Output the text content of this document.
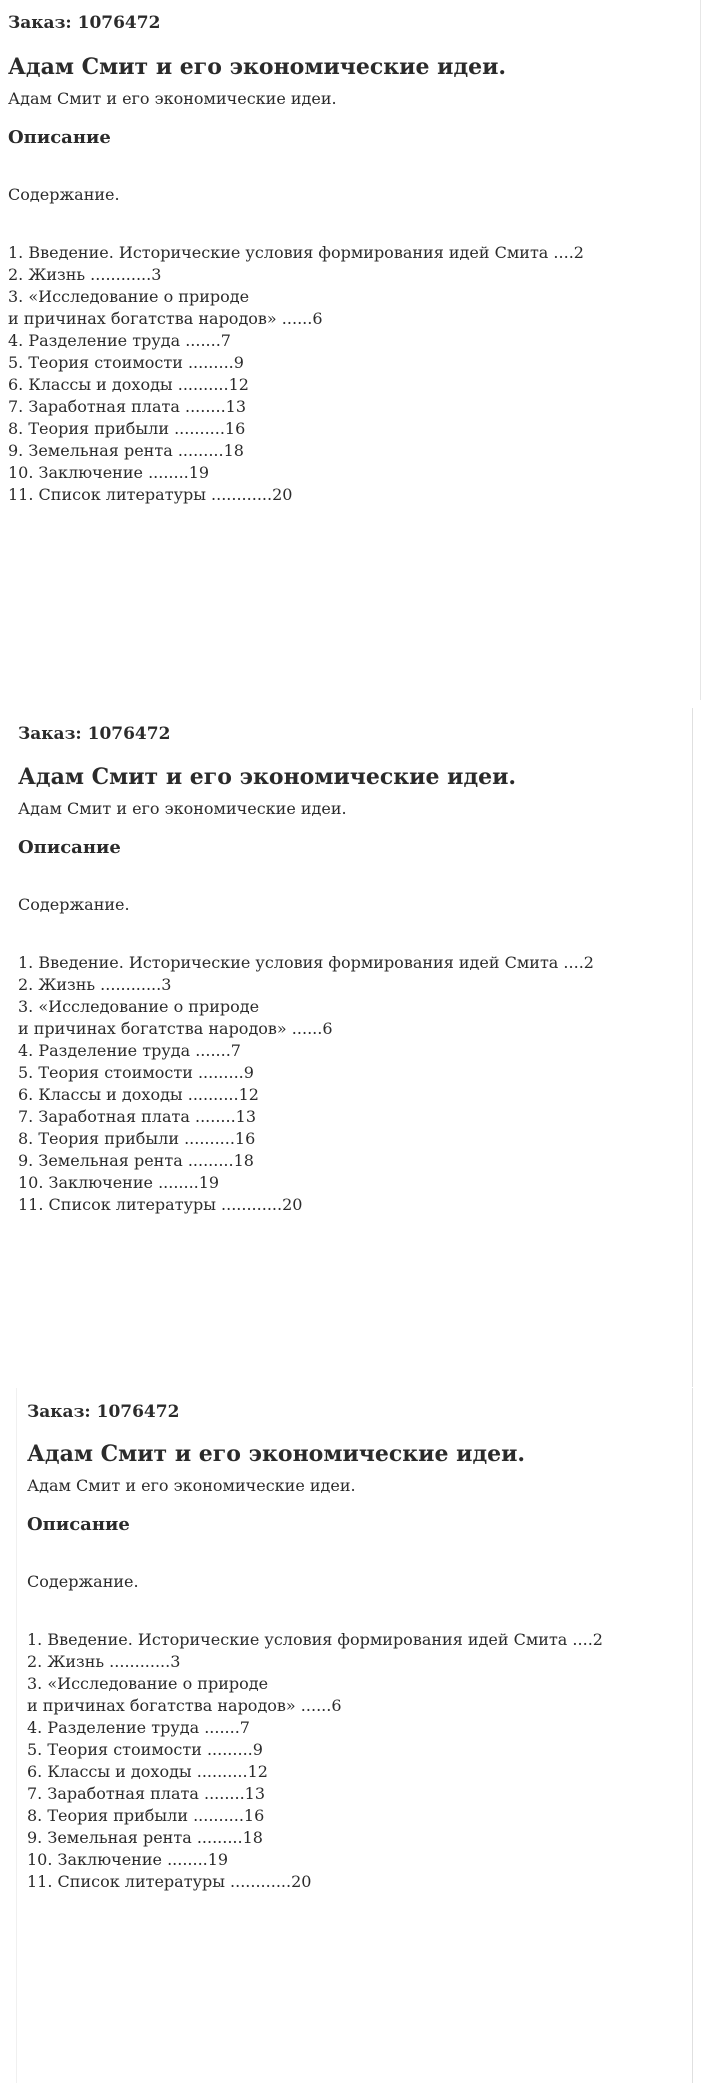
Заказ: 1076472

Адам Смит и его экономические идеи.

Адам Смит и его экономические идеи.

Описание

Содержание.

1. Введение. Исторические условия формирования идей Смита ....2
2. Жизнь ............3
3. «Исследование о природе
и причинах богатства народов» ......6
4. Разделение труда .......7
5. Теория стоимости .........9
6. Классы и доходы ..........12
7. Заработная плата ........13
8. Теория прибыли ..........16
9. Земельная рента .........18
10. Заключение ........19
11. Список литературы ............20

Заказ: 1076472

Адам Смит и его экономические идеи.

Адам Смит и его экономические идеи.

Описание

Содержание.

1. Введение. Исторические условия формирования идей Смита ....2
2. Жизнь ............3
3. «Исследование о природе
и причинах богатства народов» ......6
4. Разделение труда .......7
5. Теория стоимости .........9
6. Классы и доходы ..........12
7. Заработная плата ........13
8. Теория прибыли ..........16
9. Земельная рента .........18
10. Заключение ........19
11. Список литературы ............20

Заказ: 1076472

Адам Смит и его экономические идеи.

Адам Смит и его экономические идеи.

Описание

Содержание.

1. Введение. Исторические условия формирования идей Смита ....2
2. Жизнь ............3
3. «Исследование о природе
и причинах богатства народов» ......6
4. Разделение труда .......7
5. Теория стоимости .........9
6. Классы и доходы ..........12
7. Заработная плата ........13
8. Теория прибыли ..........16
9. Земельная рента .........18
10. Заключение ........19
11. Список литературы ............20
